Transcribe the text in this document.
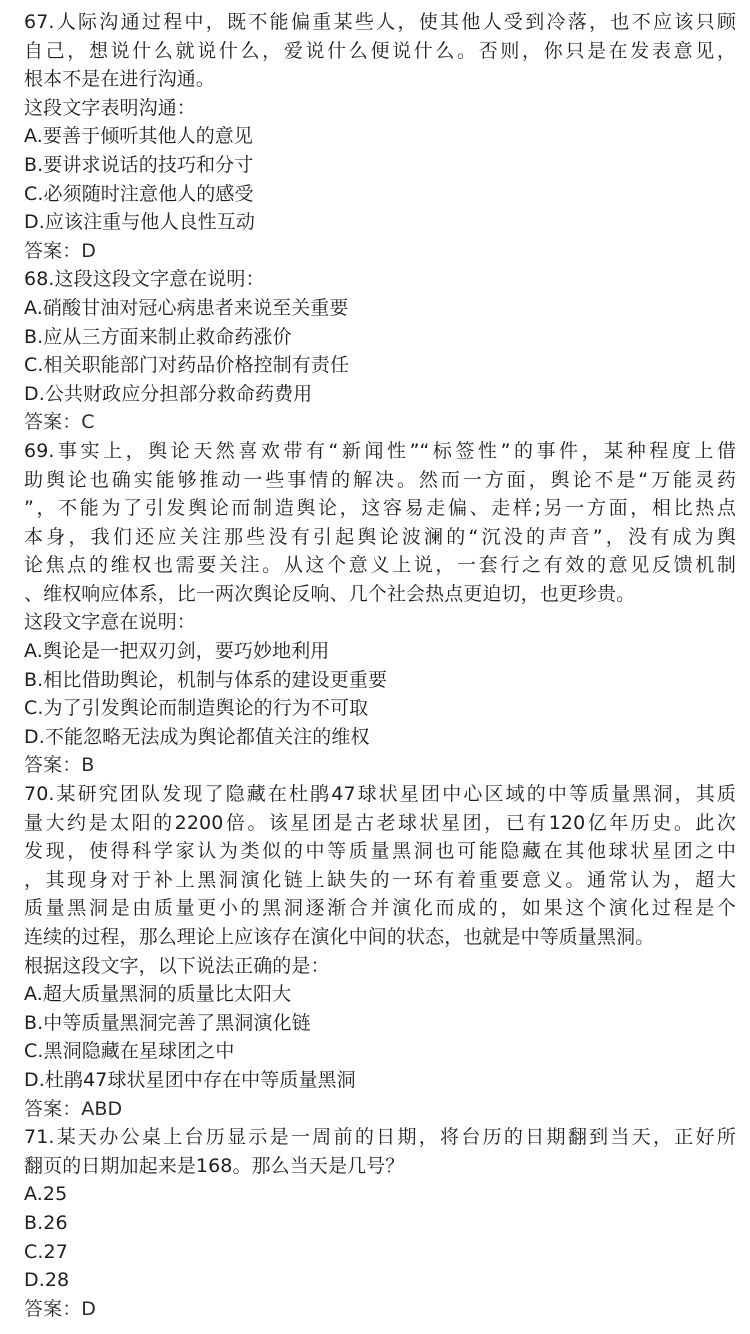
67.人际沟通过程中，既不能偏重某些人，使其他人受到冷落，也不应该只顾
自己，想说什么就说什么，爱说什么便说什么。否则，你只是在发表意见，
根本不是在进行沟通。
这段文字表明沟通：
A.要善于倾听其他人的意见
B.要讲求说话的技巧和分寸
C.必须随时注意他人的感受
D.应该注重与他人良性互动
答案：D
68.这段这段文字意在说明：
A.硝酸甘油对冠心病患者来说至关重要
B.应从三方面来制止救命药涨价
C.相关职能部门对药品价格控制有责任
D.公共财政应分担部分救命药费用
答案：C
69.事实上，舆论天然喜欢带有“新闻性”“标签性”的事件，某种程度上借
助舆论也确实能够推动一些事情的解决。然而一方面，舆论不是“万能灵药
”，不能为了引发舆论而制造舆论，这容易走偏、走样;另一方面，相比热点
本身，我们还应关注那些没有引起舆论波澜的“沉没的声音”，没有成为舆
论焦点的维权也需要关注。从这个意义上说，一套行之有效的意见反馈机制
、维权响应体系，比一两次舆论反响、几个社会热点更迫切，也更珍贵。
这段文字意在说明：
A.舆论是一把双刃剑，要巧妙地利用
B.相比借助舆论，机制与体系的建设更重要
C.为了引发舆论而制造舆论的行为不可取
D.不能忽略无法成为舆论都值关注的维权
答案：B
70.某研究团队发现了隐藏在杜鹃47球状星团中心区域的中等质量黑洞，其质
量大约是太阳的2200倍。该星团是古老球状星团，已有120亿年历史。此次
发现，使得科学家认为类似的中等质量黑洞也可能隐藏在其他球状星团之中
，其现身对于补上黑洞演化链上缺失的一环有着重要意义。通常认为，超大
质量黑洞是由质量更小的黑洞逐渐合并演化而成的，如果这个演化过程是个
连续的过程，那么理论上应该存在演化中间的状态，也就是中等质量黑洞。
根据这段文字，以下说法正确的是：
A.超大质量黑洞的质量比太阳大
B.中等质量黑洞完善了黑洞演化链
C.黑洞隐藏在星球团之中
D.杜鹃47球状星团中存在中等质量黑洞
答案：ABD
71.某天办公桌上台历显示是一周前的日期，将台历的日期翻到当天，正好所
翻页的日期加起来是168。那么当天是几号？
A.25
B.26
C.27
D.28
答案：D
